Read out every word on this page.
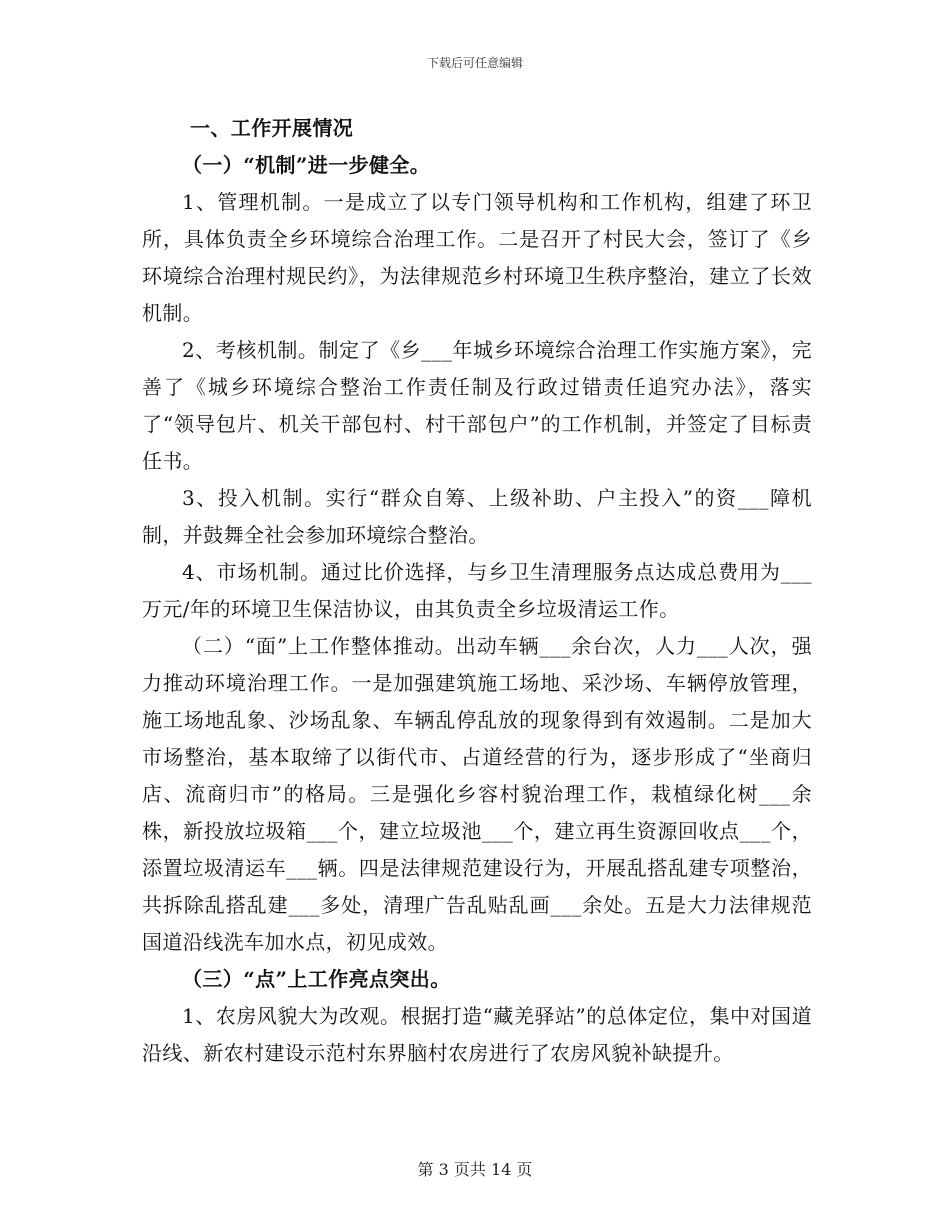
下载后可任意编辑

一、工作开展情况

（一）“机制”进一步健全。

1、管理机制。一是成立了以专门领导机构和工作机构，组建了环卫所，具体负责全乡环境综合治理工作。二是召开了村民大会，签订了《乡环境综合治理村规民约》，为法律规范乡村环境卫生秩序整治，建立了长效机制。

2、考核机制。制定了《乡___年城乡环境综合治理工作实施方案》，完善了《城乡环境综合整治工作责任制及行政过错责任追究办法》，落实了“领导包片、机关干部包村、村干部包户”的工作机制，并签定了目标责任书。

3、投入机制。实行“群众自筹、上级补助、户主投入”的资___障机制，并鼓舞全社会参加环境综合整治。

4、市场机制。通过比价选择，与乡卫生清理服务点达成总费用为___万元/年的环境卫生保洁协议，由其负责全乡垃圾清运工作。

（二）“面”上工作整体推动。出动车辆___余台次，人力___人次，强力推动环境治理工作。一是加强建筑施工场地、采沙场、车辆停放管理，施工场地乱象、沙场乱象、车辆乱停乱放的现象得到有效遏制。二是加大市场整治，基本取缔了以街代市、占道经营的行为，逐步形成了“坐商归店、流商归市”的格局。三是强化乡容村貌治理工作，栽植绿化树___余株，新投放垃圾箱___个，建立垃圾池___个，建立再生资源回收点___个，添置垃圾清运车___辆。四是法律规范建设行为，开展乱搭乱建专项整治，共拆除乱搭乱建___多处，清理广告乱贴乱画___余处。五是大力法律规范国道沿线洗车加水点，初见成效。

（三）“点”上工作亮点突出。

1、农房风貌大为改观。根据打造“藏羌驿站”的总体定位，集中对国道沿线、新农村建设示范村东界脑村农房进行了农房风貌补缺提升。

第 3 页共 14 页
